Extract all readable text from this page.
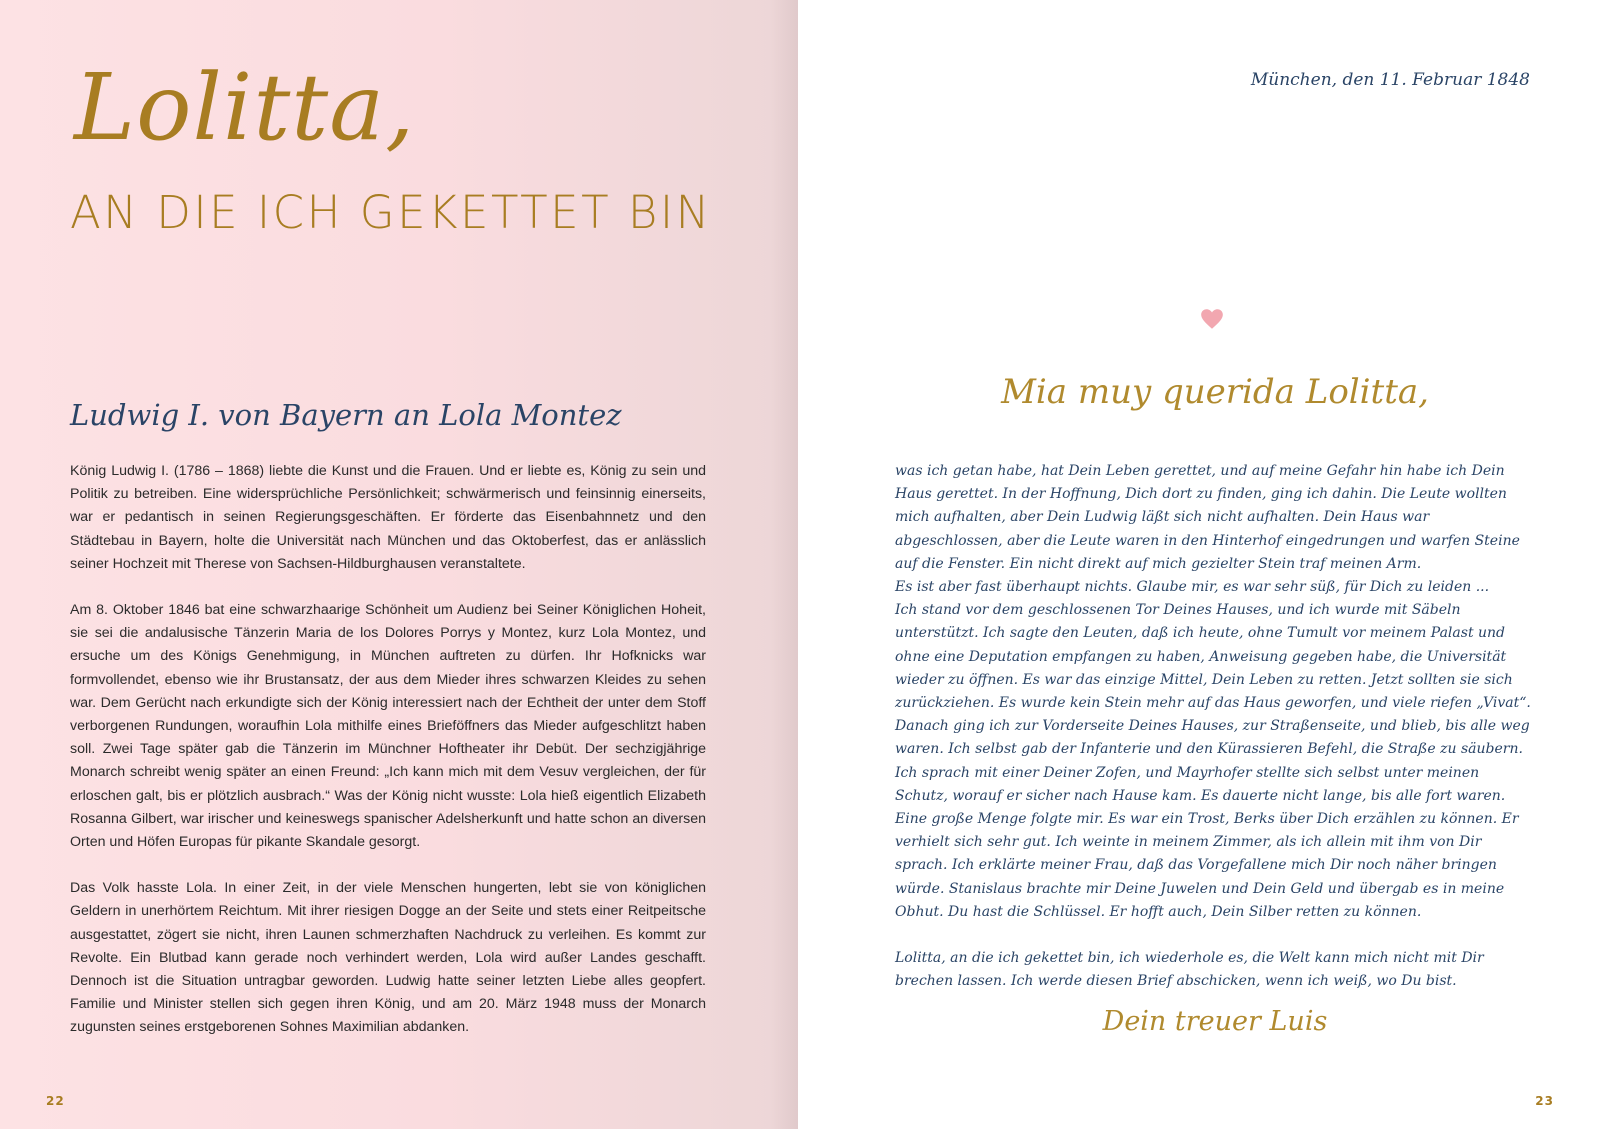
Lolitta,
AN DIE ICH GEKETTET BIN
Ludwig I. von Bayern an Lola Montez

König Ludwig I. (1786 – 1868) liebte die Kunst und die Frauen. Und er liebte es, König zu sein und Politik zu betreiben. Eine widersprüchliche Persönlichkeit; schwärmerisch und feinsinnig einerseits, war er pedantisch in seinen Regierungsgeschäften. Er förderte das Eisenbahnnetz und den Städtebau in Bayern, holte die Universität nach München und das Oktoberfest, das er anlässlich seiner Hochzeit mit Therese von Sachsen-Hildburghausen veranstaltete.

Am 8. Oktober 1846 bat eine schwarzhaarige Schönheit um Audienz bei Seiner Königlichen Hoheit, sie sei die andalusische Tänzerin Maria de los Dolores Porrys y Montez, kurz Lola Montez, und ersuche um des Königs Genehmigung, in München auftreten zu dürfen. Ihr Hofknicks war formvollendet, ebenso wie ihr Brustansatz, der aus dem Mieder ihres schwarzen Kleides zu sehen war. Dem Gerücht nach erkundigte sich der König interessiert nach der Echtheit der unter dem Stoff verborgenen Rundungen, woraufhin Lola mithilfe eines Brieföffners das Mieder aufgeschlitzt haben soll. Zwei Tage später gab die Tänzerin im Münchner Hoftheater ihr Debüt. Der sechzigjährige Monarch schreibt wenig später an einen Freund: „Ich kann mich mit dem Vesuv vergleichen, der für erloschen galt, bis er plötzlich ausbrach.“ Was der König nicht wusste: Lola hieß eigentlich Elizabeth Rosanna Gilbert, war irischer und keineswegs spanischer Adelsherkunft und hatte schon an diversen Orten und Höfen Europas für pikante Skandale gesorgt.

Das Volk hasste Lola. In einer Zeit, in der viele Menschen hungerten, lebt sie von königlichen Geldern in unerhörtem Reichtum. Mit ihrer riesigen Dogge an der Seite und stets einer Reitpeitsche ausgestattet, zögert sie nicht, ihren Launen schmerzhaften Nachdruck zu verleihen. Es kommt zur Revolte. Ein Blutbad kann gerade noch verhindert werden, Lola wird außer Landes geschafft. Dennoch ist die Situation untragbar geworden. Ludwig hatte seiner letzten Liebe alles geopfert. Familie und Minister stellen sich gegen ihren König, und am 20. März 1948 muss der Monarch zugunsten seines erstgeborenen Sohnes Maximilian abdanken.

22	23
München, den 11. Februar 1848
Mia muy querida Lolitta,

was ich getan habe, hat Dein Leben gerettet, und auf meine Gefahr hin habe ich Dein Haus gerettet. In der Hoffnung, Dich dort zu finden, ging ich dahin. Die Leute wollten mich aufhalten, aber Dein Ludwig läßt sich nicht aufhalten. Dein Haus war abgeschlossen, aber die Leute waren in den Hinterhof eingedrungen und warfen Steine auf die Fenster. Ein nicht direkt auf mich gezielter Stein traf meinen Arm.

Es ist aber fast überhaupt nichts. Glaube mir, es war sehr süß, für Dich zu leiden ...

Ich stand vor dem geschlossenen Tor Deines Hauses, und ich wurde mit Säbeln unterstützt. Ich sagte den Leuten, daß ich heute, ohne Tumult vor meinem Palast und ohne eine Deputation empfangen zu haben, Anweisung gegeben habe, die Universität wieder zu öffnen. Es war das einzige Mittel, Dein Leben zu retten. Jetzt sollten sie sich zurückziehen. Es wurde kein Stein mehr auf das Haus geworfen, und viele riefen „Vivat“. Danach ging ich zur Vorderseite Deines Hauses, zur Straßenseite, und blieb, bis alle weg waren. Ich selbst gab der Infanterie und den Kürassieren Befehl, die Straße zu säubern. Ich sprach mit einer Deiner Zofen, und Mayrhofer stellte sich selbst unter meinen Schutz, worauf er sicher nach Hause kam. Es dauerte nicht lange, bis alle fort waren. Eine große Menge folgte mir. Es war ein Trost, Berks über Dich erzählen zu können. Er verhielt sich sehr gut. Ich weinte in meinem Zimmer, als ich allein mit ihm von Dir sprach. Ich erklärte meiner Frau, daß das Vorgefallene mich Dir noch näher bringen würde. Stanislaus brachte mir Deine Juwelen und Dein Geld und übergab es in meine Obhut. Du hast die Schlüssel. Er hofft auch, Dein Silber retten zu können.

Lolitta, an die ich gekettet bin, ich wiederhole es, die Welt kann mich nicht mit Dir brechen lassen. Ich werde diesen Brief abschicken, wenn ich weiß, wo Du bist.

Dein treuer Luis
